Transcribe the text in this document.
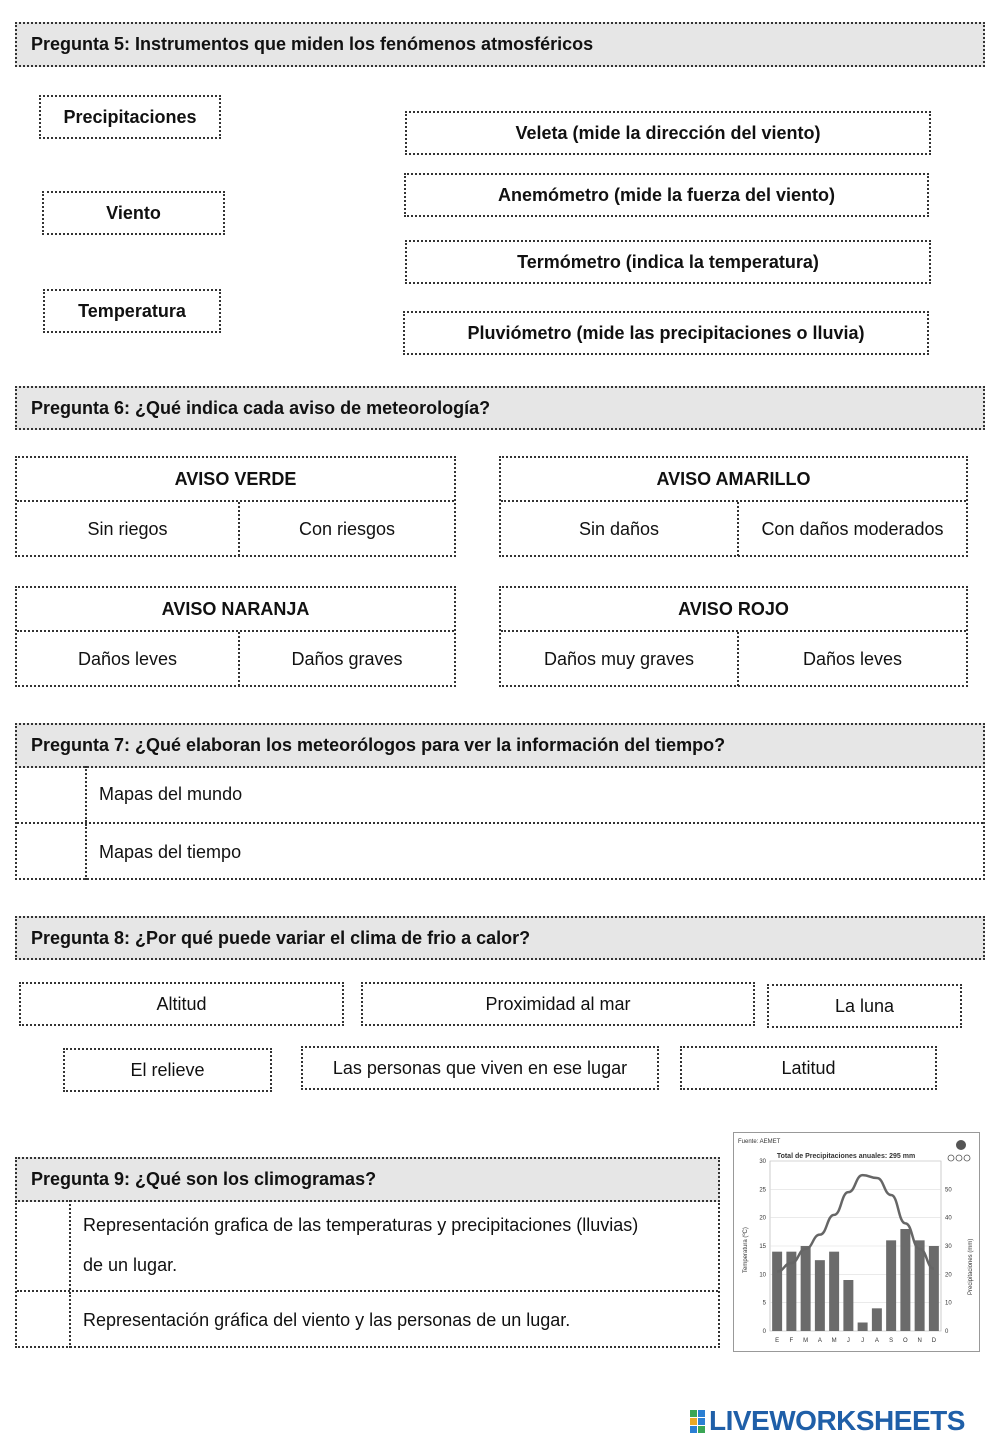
Pregunta 5: Instrumentos que miden los fenómenos atmosféricos
Precipitaciones
Viento
Temperatura
Veleta (mide la dirección del viento)
Anemómetro (mide la fuerza del viento)
Termómetro (indica la temperatura)
Pluviómetro (mide las precipitaciones o lluvia)
Pregunta 6: ¿Qué indica cada aviso de meteorología?
AVISO VERDE
Sin riegos	Con riesgos
AVISO AMARILLO
Sin daños	Con daños moderados
AVISO NARANJA
Daños leves	Daños graves
AVISO ROJO
Daños muy graves	Daños leves
Pregunta 7: ¿Qué elaboran los meteorólogos para ver la información del tiempo?
Mapas del mundo
Mapas del tiempo
Pregunta 8: ¿Por qué puede variar el clima de frio a calor?
Altitud	Proximidad al mar	La luna
El relieve	Las personas que viven en ese lugar	Latitud
Pregunta 9: ¿Qué son los climogramas?
Representación grafica de las temperaturas y precipitaciones (lluvias)
de un lugar.
Representación gráfica del viento y las personas de un lugar.
Fuente: AEMET
Total de Precipitaciones anuales: 295 mm
Temperatura (ºC)	Precipitaciones (mm)
0
5
10
15
20
25
30
0
10
20
30
40
50
E F M A M J J A S O N D
LIVEWORKSHEETS
